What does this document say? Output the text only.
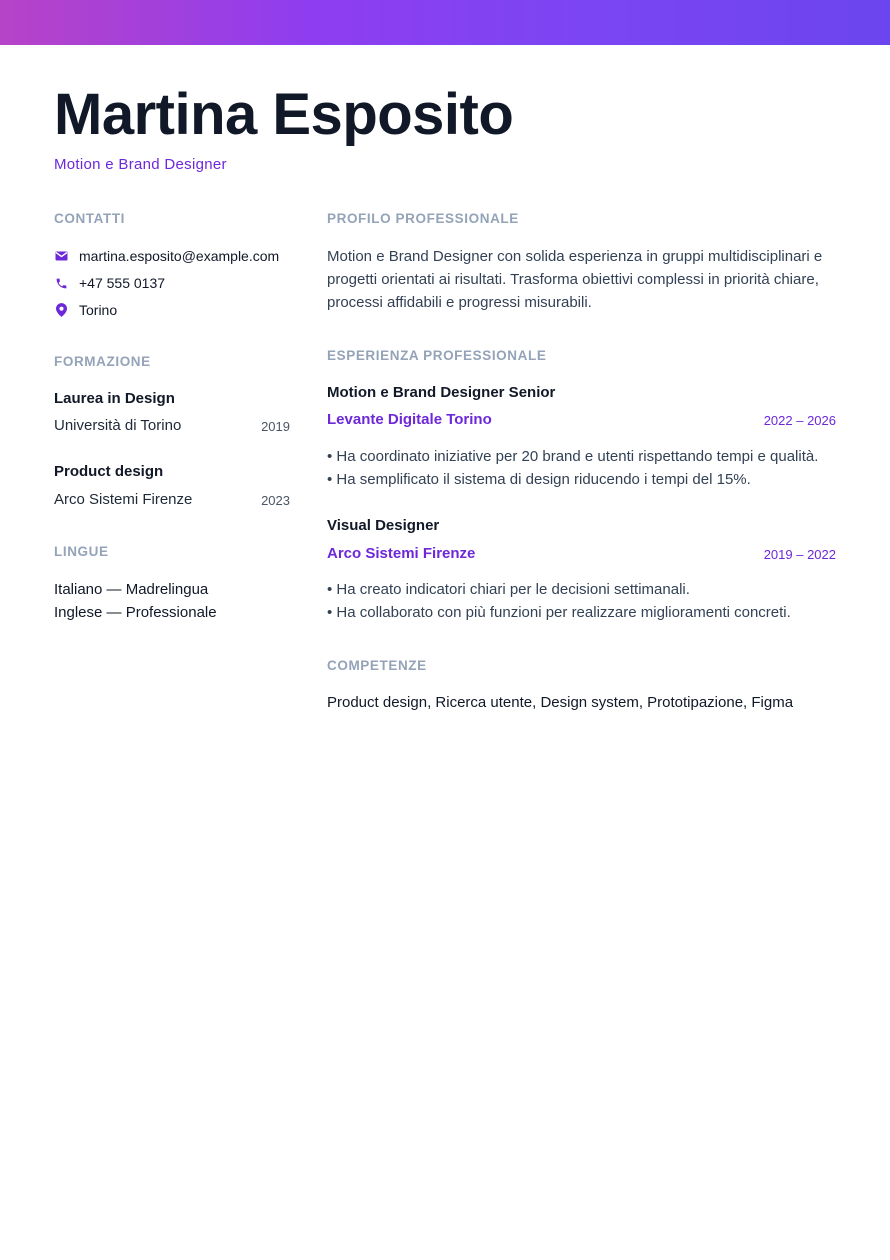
Martina Esposito
Motion e Brand Designer
CONTATTI
martina.esposito@example.com
+47 555 0137
Torino
FORMAZIONE
Laurea in Design
Università di Torino	2019
Product design
Arco Sistemi Firenze	2023
LINGUE
Italiano — Madrelingua
Inglese — Professionale
PROFILO PROFESSIONALE

Motion e Brand Designer con solida esperienza in gruppi multidisciplinari e progetti orientati ai risultati. Trasforma obiettivi complessi in priorità chiare, processi affidabili e progressi misurabili.

ESPERIENZA PROFESSIONALE
Motion e Brand Designer Senior
Levante Digitale Torino	2022 – 2026
• Ha coordinato iniziative per 20 brand e utenti rispettando tempi e qualità.
• Ha semplificato il sistema di design riducendo i tempi del 15%.
Visual Designer
Arco Sistemi Firenze	2019 – 2022
• Ha creato indicatori chiari per le decisioni settimanali.
• Ha collaborato con più funzioni per realizzare miglioramenti concreti.
COMPETENZE
Product design, Ricerca utente, Design system, Prototipazione, Figma
